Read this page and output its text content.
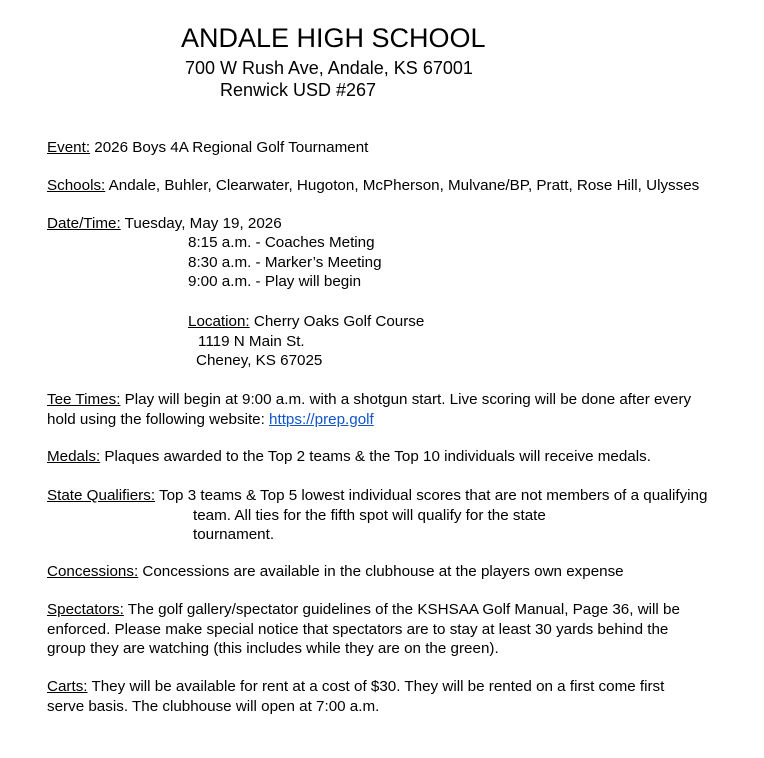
ANDALE HIGH SCHOOL
700 W Rush Ave, Andale, KS 67001
Renwick USD #267
Event: 2026 Boys 4A Regional Golf Tournament
Schools: Andale, Buhler, Clearwater, Hugoton, McPherson, Mulvane/BP, Pratt, Rose Hill, Ulysses
Date/Time: Tuesday, May 19, 2026
8:15 a.m. - Coaches Meting
8:30 a.m. - Marker’s Meeting
9:00 a.m. - Play will begin
Location: Cherry Oaks Golf Course
1119 N Main St.
Cheney, KS 67025
Tee Times: Play will begin at 9:00 a.m. with a shotgun start. Live scoring will be done after every
hold using the following website: https://prep.golf
Medals: Plaques awarded to the Top 2 teams & the Top 10 individuals will receive medals.
State Qualifiers: Top 3 teams & Top 5 lowest individual scores that are not members of a qualifying
team. All ties for the fifth spot will qualify for the state
tournament.
Concessions: Concessions are available in the clubhouse at the players own expense
Spectators: The golf gallery/spectator guidelines of the KSHSAA Golf Manual, Page 36, will be
enforced. Please make special notice that spectators are to stay at least 30 yards behind the
group they are watching (this includes while they are on the green).
Carts: They will be available for rent at a cost of $30. They will be rented on a first come first
serve basis. The clubhouse will open at 7:00 a.m.
